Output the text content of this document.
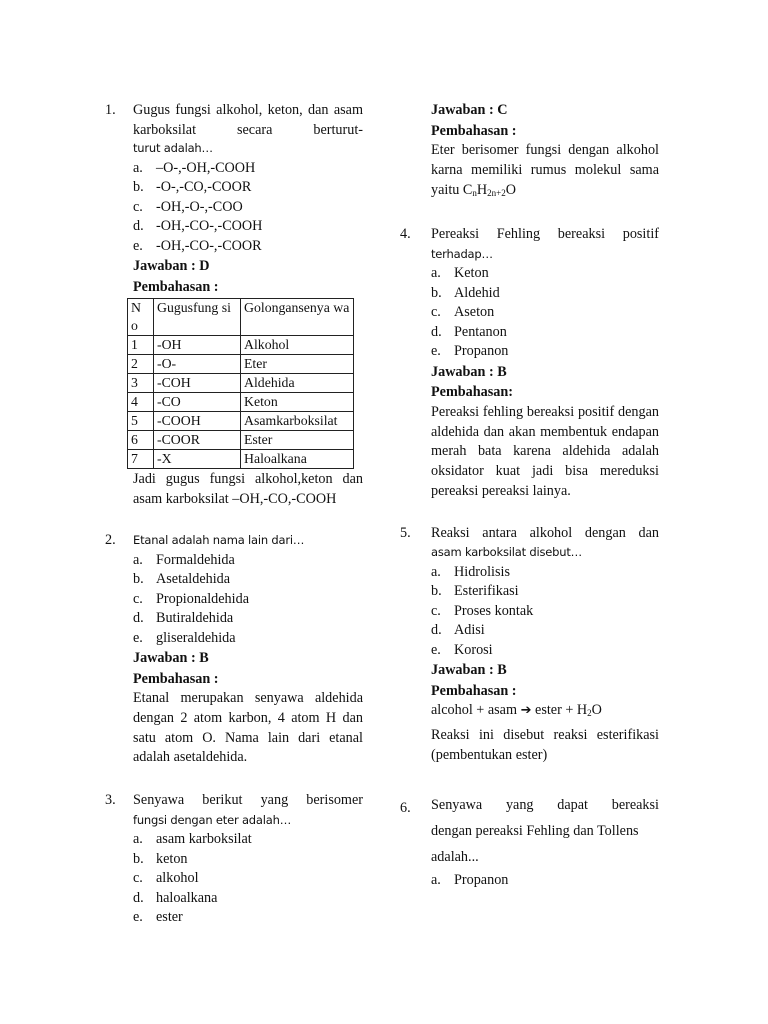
1.	Gugus fungsi alkohol, keton, dan asam karboksilat secara berturut-

turut adalah…

a. –O-,-OH,-COOH
b. -O-,-CO,-COOR
c. -OH,-O-,-COO
d. -OH,-CO-,-COOH
e. -OH,-CO-,-COOR
Jawaban : D
Pembahasan :
N o	Gugusfung si	Golongansenya wa
1	-OH	Alkohol
2	-O-	Eter
3	-COH	Aldehida
4	-CO	Keton
5	-COOH	Asamkarboksilat
6	-COOR	Ester
7	-X	Haloalkana

Jadi gugus fungsi alkohol,keton dan asam karboksilat –OH,-CO,-COOH

2.	Etanal adalah nama lain dari…

a. Formaldehida
b. Asetaldehida
c. Propionaldehida
d. Butiraldehida
e. gliseraldehida
Jawaban : B
Pembahasan :

Etanal merupakan senyawa aldehida dengan 2 atom karbon, 4 atom H dan satu atom O. Nama lain dari etanal adalah asetaldehida.

3.	Senyawa berikut yang berisomer

fungsi dengan eter adalah…

a. asam karboksilat
b. keton
c. alkohol
d. haloalkana
e. ester
Jawaban : C
Pembahasan :

Eter berisomer fungsi dengan alkohol karna memiliki rumus molekul sama yaitu $C_nH_{2n+2}O$

4.	Pereaksi Fehling bereaksi positif

terhadap…

a. Keton
b. Aldehid
c. Aseton
d. Pentanon
e. Propanon
Jawaban : B
Pembahasan:

Pereaksi fehling bereaksi positif dengan aldehida dan akan membentuk endapan merah bata karena aldehida adalah oksidator kuat jadi bisa mereduksi pereaksi pereaksi lainya.

5.	Reaksi antara alkohol dengan dan

asam karboksilat disebut…

a. Hidrolisis
b. Esterifikasi
c. Proses kontak
d. Adisi
e. Korosi
Jawaban : B
Pembahasan :

alcohol + asam ➔ ester + $H_2O$

Reaksi ini disebut reaksi esterifikasi (pembentukan ester)

6.	Senyawa yang dapat bereaksi

dengan pereaksi Fehling dan Tollens

adalah...

a. Propanon
